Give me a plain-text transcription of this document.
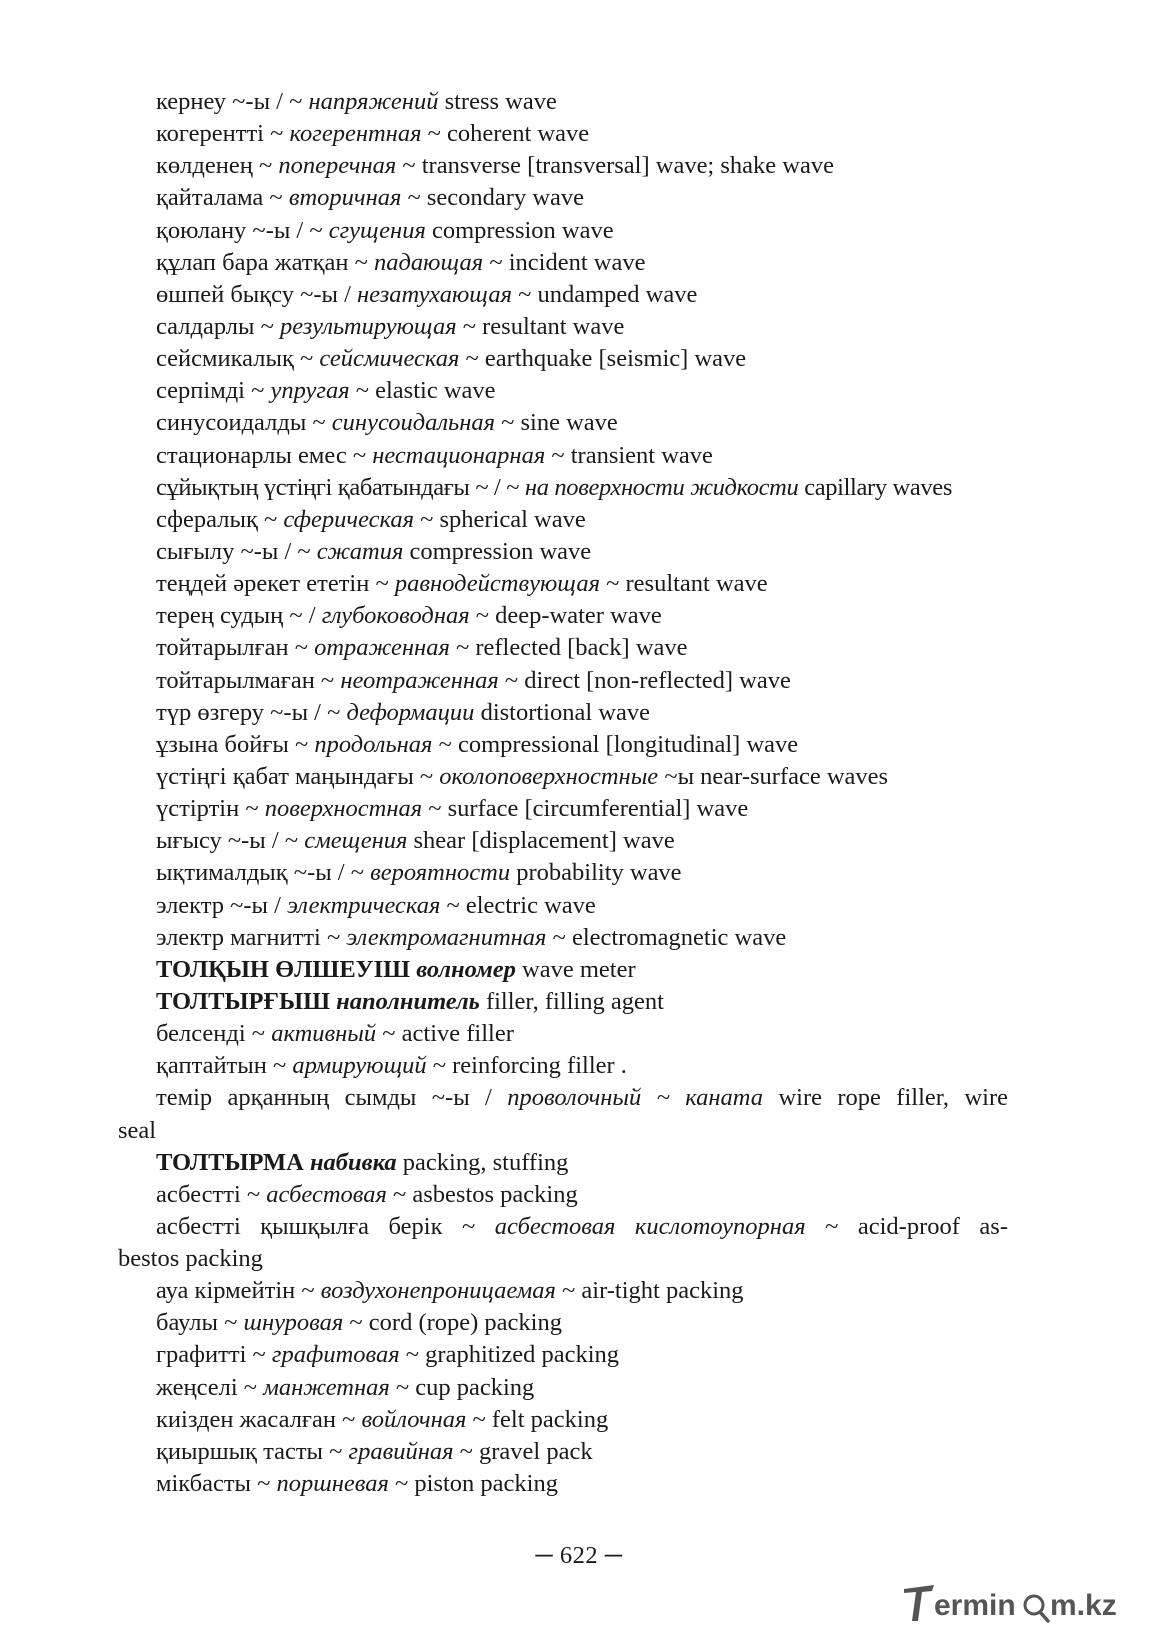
кернеу ~-ы / ~ напряжений stress wave
когерентті ~ когерентная ~ coherent wave
көлденең ~ поперечная ~ transverse [transversal] wave; shake wave
қайталама ~ вторичная ~ secondary wave
қоюлану ~-ы / ~ сгущения compression wave
құлап бара жатқан ~ падающая ~ incident wave
өшпей бықсу ~-ы / незатухающая ~ undamped wave
салдарлы ~ результирующая ~ resultant wave
сейсмикалық ~ сейсмическая ~ earthquake [seismic] wave
серпімді ~ упругая ~ elastic wave
синусоидалды ~ синусоидальная ~ sine wave
стационарлы емес ~ нестационарная ~ transient wave
сұйықтың үстіңгі қабатындағы ~ / ~ на поверхности жидкости capillary waves
сфералық ~ сферическая ~ spherical wave
сығылу ~-ы / ~ сжатия compression wave
теңдей әрекет ететін ~ равнодействующая ~ resultant wave
терең судың ~ / глубоководная ~ deep-water wave
тойтарылған ~ отраженная ~ reflected [back] wave
тойтарылмаған ~ неотраженная ~ direct [non-reflected] wave
түр өзгеру ~-ы / ~ деформации distortional wave
ұзына бойғы ~ продольная ~ compressional [longitudinal] wave
үстіңгі қабат маңындағы ~ околоповерхностные ~ы near-surface waves
үстіртін ~ поверхностная ~ surface [circumferential] wave
ығысу ~-ы / ~ смещения shear [displacement] wave
ықтималдық ~-ы / ~ вероятности probability wave
электр ~-ы / электрическая ~ electric wave
электр магнитті ~ электромагнитная ~ electromagnetic wave
ТОЛҚЫН ӨЛШЕУІШ волномер wave meter
ТОЛТЫРҒЫШ наполнитель filler, filling agent
белсенді ~ активный ~ active filler
қаптайтын ~ армирующий ~ reinforcing filler .
темір арқанның сымды ~-ы / проволочный ~ каната wire rope filler, wire
seal
ТОЛТЫРМА набивка packing, stuffing
асбестті ~ асбестовая ~ asbestos packing
асбестті қышқылға берік ~ асбестовая кислотоупорная ~ acid-proof as-
bestos packing
ауа кірмейтін ~ воздухонепроницаемая ~ air-tight packing
баулы ~ шнуровая ~ cord (rope) packing
графитті ~ графитовая ~ graphitized packing
жеңселі ~ манжетная ~ cup packing
киізден жасалған ~ войлочная ~ felt packing
қиыршық тасты ~ гравийная ~ gravel pack
мікбасты ~ поршневая ~ piston packing
─ 622 ─
ermin m.kz
